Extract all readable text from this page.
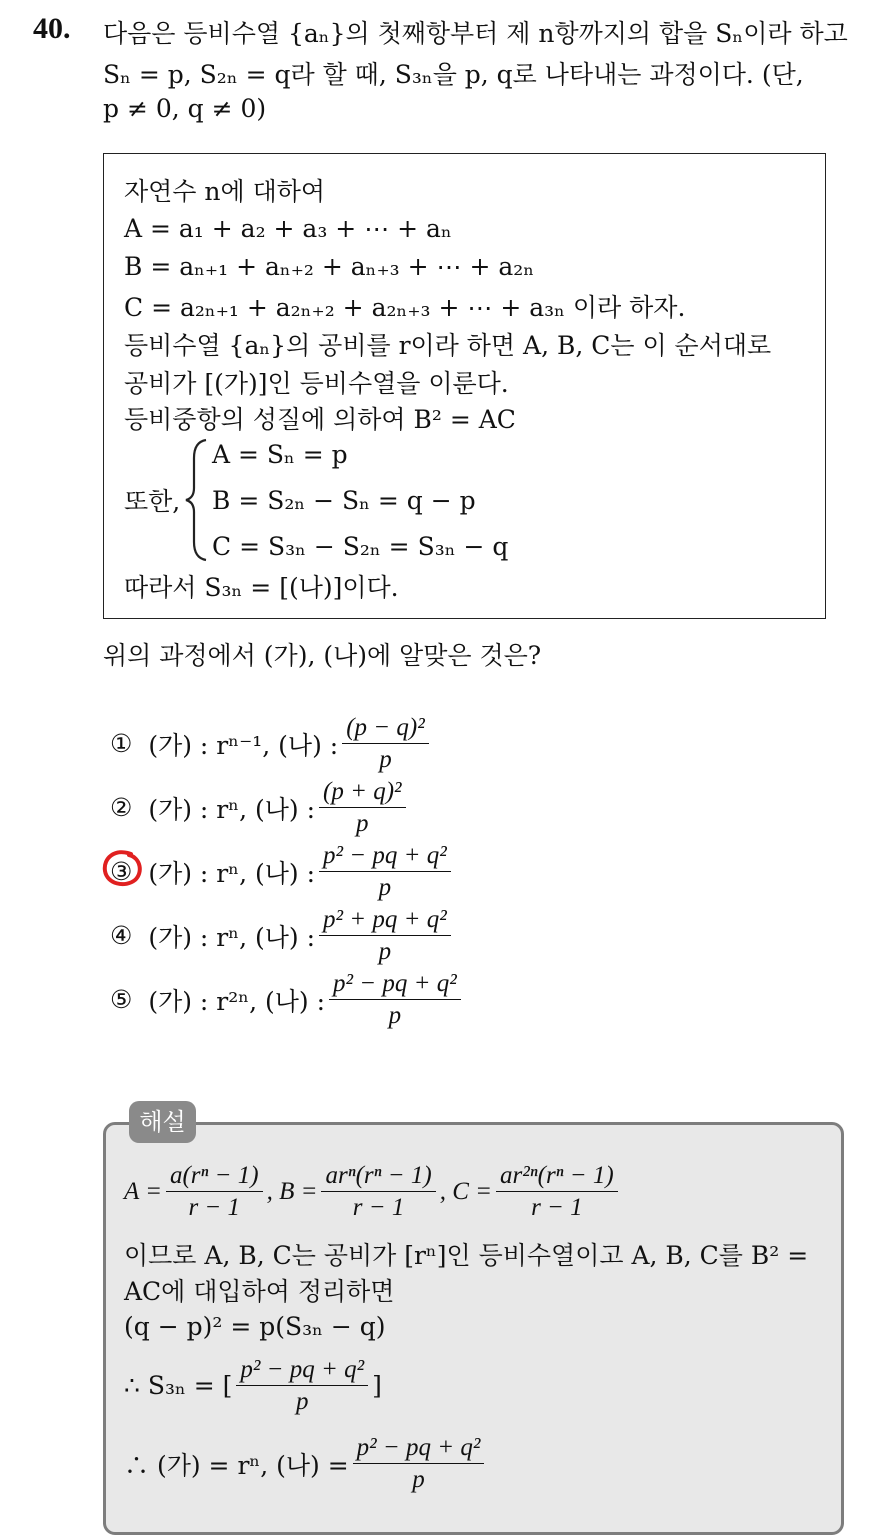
40. 다음은 등비수열 {aₙ}의 첫째항부터 제 n항까지의 합을 Sₙ이라 하고
Sₙ = p, S₂ₙ = q라 할 때, S₃ₙ을 p, q로 나타내는 과정이다. (단,
p ≠ 0, q ≠ 0)
자연수 n에 대하여
A = a₁ + a₂ + a₃ + ⋯ + aₙ
B = aₙ₊₁ + aₙ₊₂ + aₙ₊₃ + ⋯ + a₂ₙ
C = a₂ₙ₊₁ + a₂ₙ₊₂ + a₂ₙ₊₃ + ⋯ + a₃ₙ 이라 하자.
등비수열 {aₙ}의 공비를 r이라 하면 A, B, C는 이 순서대로
공비가 [(가)]인 등비수열을 이룬다.
등비중항의 성질에 의하여 B² = AC
또한,
A = Sₙ = p
B = S₂ₙ − Sₙ = q − p
C = S₃ₙ − S₂ₙ = S₃ₙ − q
따라서 S₃ₙ = [(나)]이다.
위의 과정에서 (가), (나)에 알맞은 것은?
①
(가) : rⁿ⁻¹, (나) : $\frac{\text{(p − q)²}}{p}$
②
(가) : rⁿ, (나) : $\frac{\text{(p + q)²}}{p}$
③
(가) : rⁿ, (나) : $\frac{\text{p² − pq + q²}}{p}$
④
(가) : rⁿ, (나) : $\frac{\text{p² + pq + q²}}{p}$
⑤
(가) : r²ⁿ, (나) : $\frac{\text{p² − pq + q²}}{p}$
해설
$A = \frac{\text{a(rⁿ − 1)}}{r - 1}$ , $B = \frac{\text{arⁿ(rⁿ − 1)}}{r - 1}$ , $C = \frac{\text{ar²ⁿ(rⁿ − 1)}}{r - 1}$
이므로 A, B, C는 공비가 [rⁿ]인 등비수열이고 A, B, C를 B² =
AC에 대입하여 정리하면
(q − p)² = p(S₃ₙ − q)
∴ S₃ₙ = [ $\frac{\text{p² − pq + q²}}{p}$ ]
∴ (가) = rⁿ, (나) = $\frac{\text{p² − pq + q²}}{p}$
